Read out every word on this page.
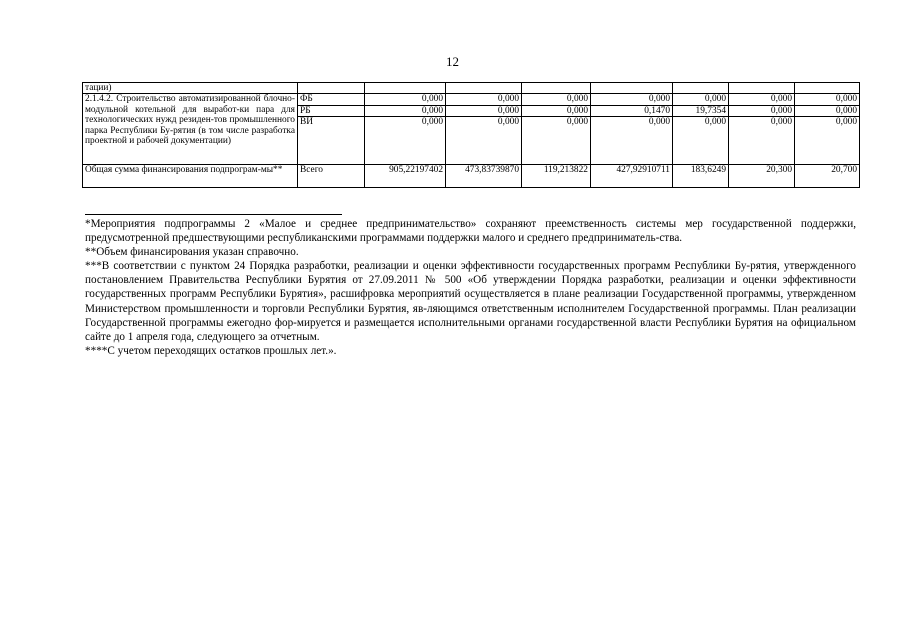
12
тации)								
2.1.4.2. Строительство автоматизированной блочно-модульной котельной для выработ-ки пара для технологических нужд резиден-тов промышленного парка Республики Бу-рятия (в том числе разработка проектной и рабочей документации)	ФБ	0,000	0,000	0,000	0,000	0,000	0,000	0,000
	РБ	0,000	0,000	0,000	0,1470	19,7354	0,000	0,000
	ВИ	0,000	0,000	0,000	0,000	0,000	0,000	0,000
Общая сумма финансирования подпрограм-мы**	Всего	905,22197402	473,83739870	119,213822	427,92910711	183,6249	20,300	20,700

*Мероприятия подпрограммы 2 «Малое и среднее предпринимательство» сохраняют преемственность системы мер государственной поддержки, предусмотренной предшествующими республиканскими программами поддержки малого и среднего предприниматель-ства.

**Объем финансирования указан справочно.

***В соответствии с пунктом 24 Порядка разработки, реализации и оценки эффективности государственных программ Республики Бу-рятия, утвержденного постановлением Правительства Республики Бурятия от 27.09.2011 № 500 «Об утверждении Порядка разработки, реализации и оценки эффективности государственных программ Республики Бурятия», расшифровка мероприятий осуществляется в плане реализации Государственной программы, утвержденном Министерством промышленности и торговли Республики Бурятия, яв-ляющимся ответственным исполнителем Государственной программы. План реализации Государственной программы ежегодно фор-мируется и размещается исполнительными органами государственной власти Республики Бурятия на официальном сайте до 1 апреля года, следующего за отчетным.

****С учетом переходящих остатков прошлых лет.».
